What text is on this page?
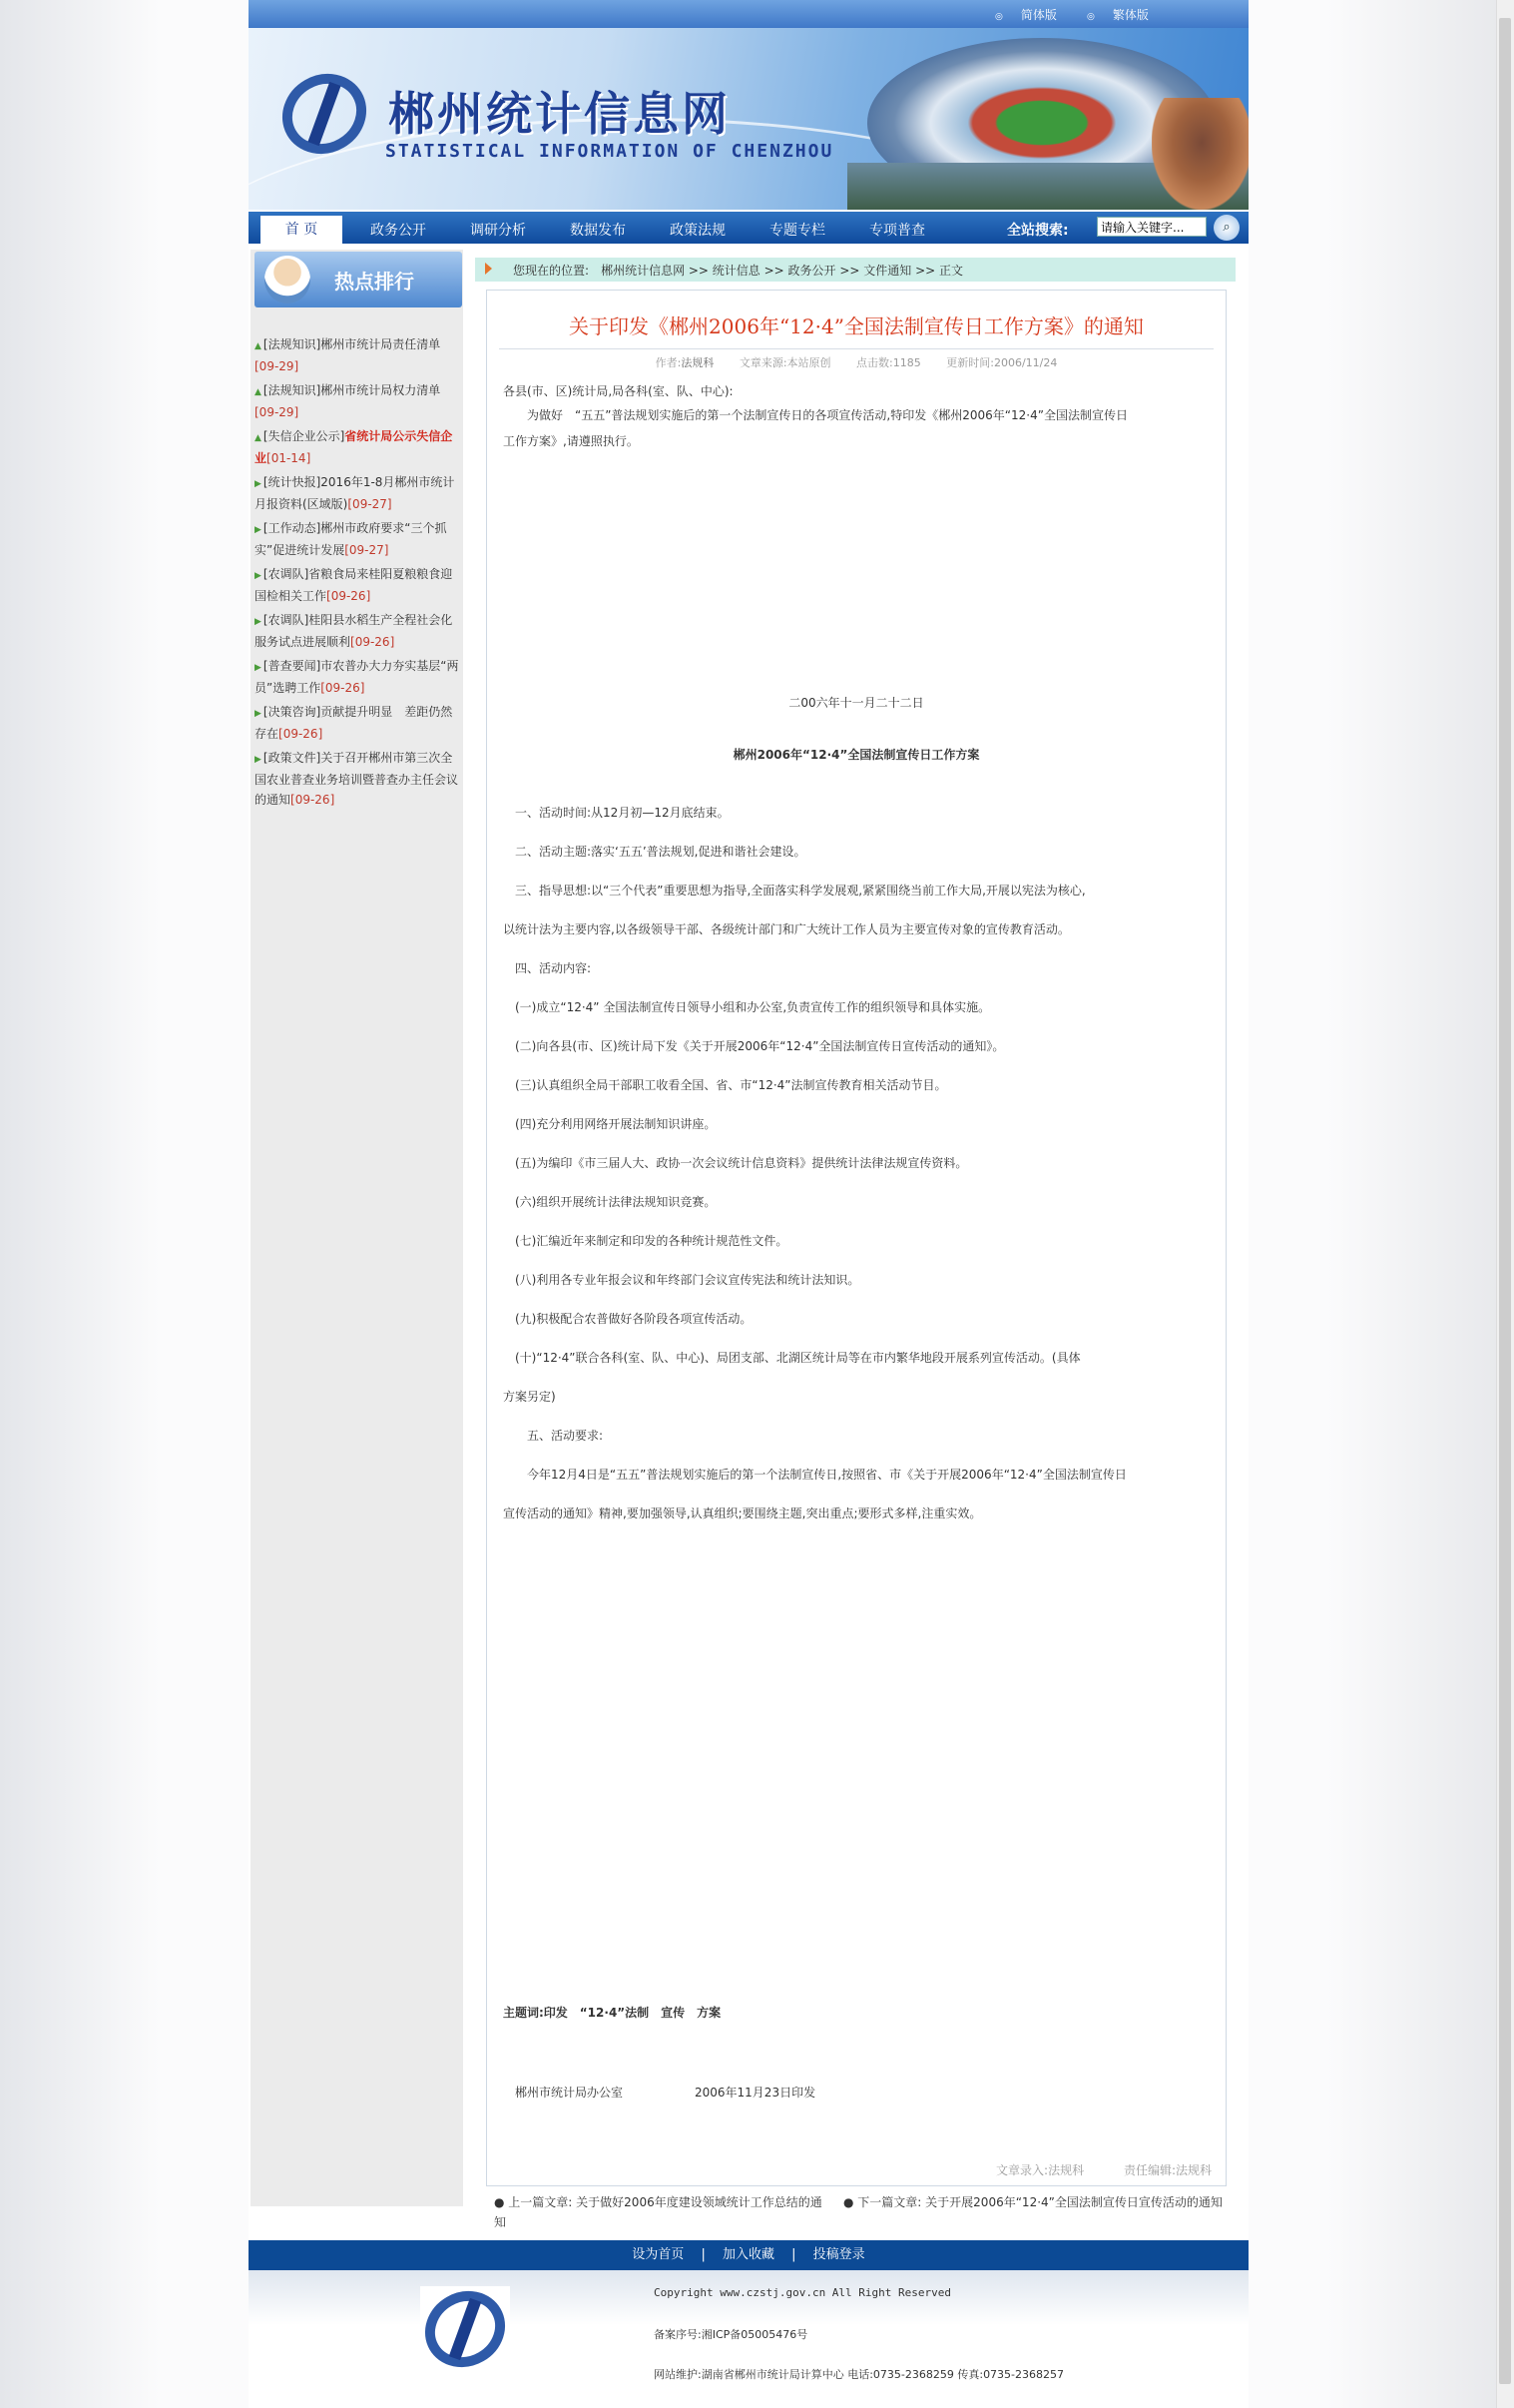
◎ 简体版
◎	繁体版
郴州统计信息网
STATISTICAL INFORMATION OF CHENZHOU
首 页	政务公开	调研分析	数据发布	政策法规	专题专栏	专项普查	全站搜索:
请输入关键字...	⌕
热点排行
▲ [法规知识]郴州市统计局责任清单
[09-29]
▲ [法规知识]郴州市统计局权力清单
[09-29]
▲ [失信企业公示]省统计局公示失信企业[01-14]
▶ [统计快报]2016年1-8月郴州市统计月报资料(区域版)[09-27]
▶ [工作动态]郴州市政府要求“三个抓实”促进统计发展[09-27]
▶ [农调队]省粮食局来桂阳夏粮粮食迎国检相关工作[09-26]
▶ [农调队]桂阳县水稻生产全程社会化服务试点进展顺利[09-26]
▶ [普查要闻]市农普办大力夯实基层“两员”选聘工作[09-26]
▶ [决策咨询]贡献提升明显　差距仍然存在[09-26]
▶ [政策文件]关于召开郴州市第三次全国农业普查业务培训暨普查办主任会议的通知[09-26]
您现在的位置:　 郴州统计信息网 >> 统计信息 >> 政务公开 >> 文件通知 >> 正文
关于印发《郴州2006年“12·4”全国法制宣传日工作方案》的通知
作者:法规科　　 文章来源:本站原创　　 点击数:1185　　 更新时间:2006/11/24
各县(市、区)统计局,局各科(室、队、中心):
　　为做好　“五五”普法规划实施后的第一个法制宣传日的各项宣传活动,特印发《郴州2006年“12·4”全国法制宣传日
工作方案》,请遵照执行。
二00六年十一月二十二日
郴州2006年“12·4”全国法制宣传日工作方案
　一、活动时间:从12月初—12月底结束。
　二、活动主题:落实‘五五’普法规划,促进和谐社会建设。
　三、指导思想:以“三个代表”重要思想为指导,全面落实科学发展观,紧紧围绕当前工作大局,开展以宪法为核心,
以统计法为主要内容,以各级领导干部、各级统计部门和广大统计工作人员为主要宣传对象的宣传教育活动。
　四、活动内容:
　(一)成立“12·4” 全国法制宣传日领导小组和办公室,负责宣传工作的组织领导和具体实施。
　(二)向各县(市、区)统计局下发《关于开展2006年“12·4”全国法制宣传日宣传活动的通知》。
　(三)认真组织全局干部职工收看全国、省、市“12·4”法制宣传教育相关活动节目。
　(四)充分利用网络开展法制知识讲座。
　(五)为编印《市三届人大、政协一次会议统计信息资料》提供统计法律法规宣传资料。
　(六)组织开展统计法律法规知识竞赛。
　(七)汇编近年来制定和印发的各种统计规范性文件。
　(八)利用各专业年报会议和年终部门会议宣传宪法和统计法知识。
　(九)积极配合农普做好各阶段各项宣传活动。
　(十)“12·4”联合各科(室、队、中心)、局团支部、北湖区统计局等在市内繁华地段开展系列宣传活动。(具体
方案另定)
　　五、活动要求:
　　今年12月4日是“五五”普法规划实施后的第一个法制宣传日,按照省、市《关于开展2006年“12·4”全国法制宣传日
宣传活动的通知》精神,要加强领导,认真组织;要围绕主题,突出重点;要形式多样,注重实效。
主题词:印发　“12·4”法制　宣传　方案
　郴州市统计局办公室　　　　　　2006年11月23日印发
文章录入:法规科　　　	责任编辑:法规科
● 上一篇文章: 关于做好2006年度建设领域统计工作总结的通知
● 下一篇文章: 关于开展2006年“12·4”全国法制宣传日宣传活动的通知
设为首页 　 |　 加入收藏 　 |　 投稿登录
Copyright www.czstj.gov.cn All Right Reserved
备案序号:湘ICP备05005476号
网站维护:湖南省郴州市统计局计算中心 电话:0735-2368259 传真:0735-2368257
